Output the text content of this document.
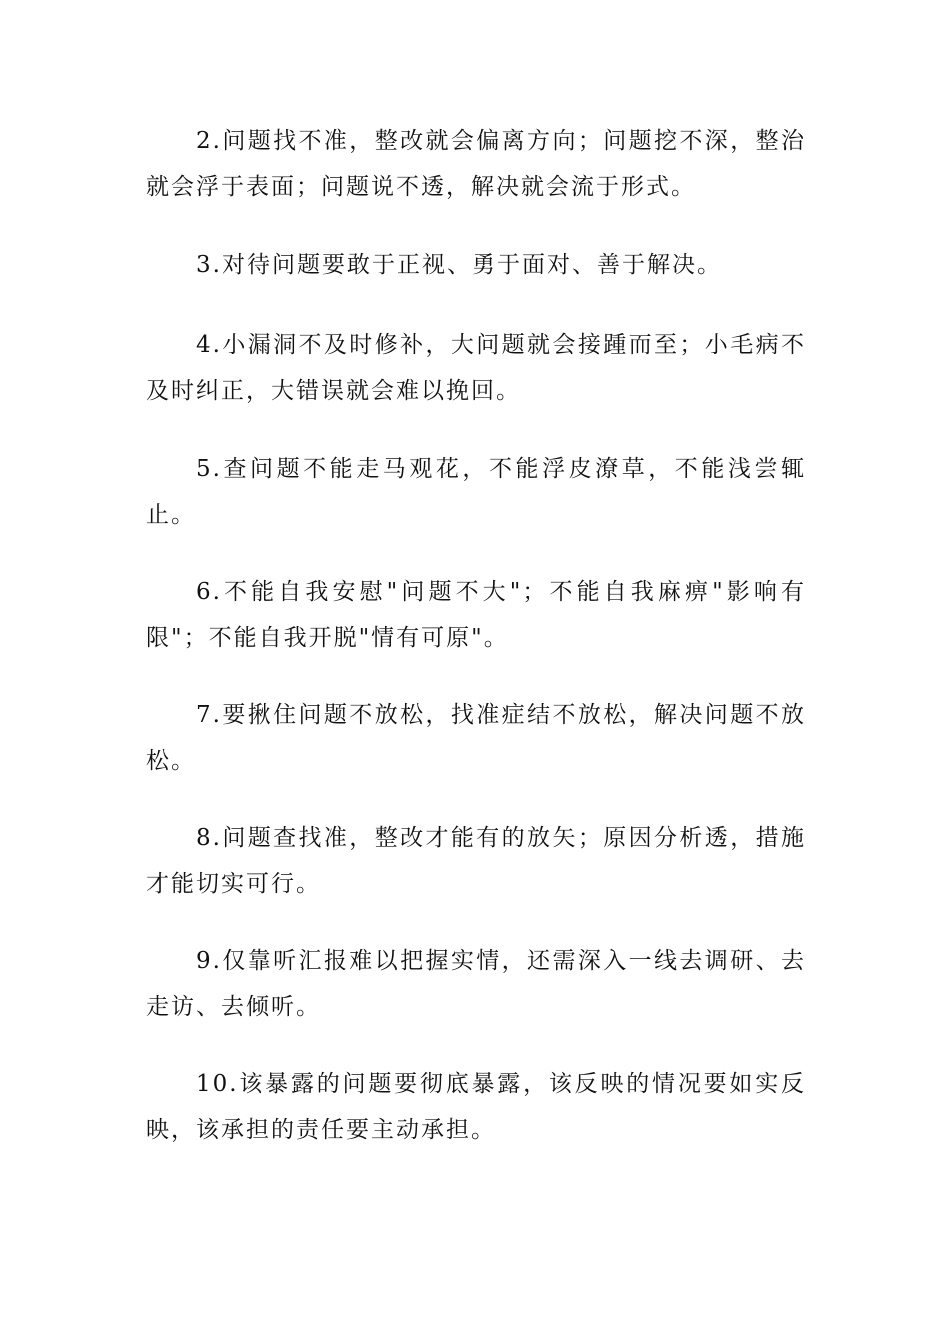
2.问题找不准，整改就会偏离方向；问题挖不深，整治就会浮于表面；问题说不透，解决就会流于形式。

3.对待问题要敢于正视、勇于面对、善于解决。

4.小漏洞不及时修补，大问题就会接踵而至；小毛病不及时纠正，大错误就会难以挽回。

5.查问题不能走马观花，不能浮皮潦草，不能浅尝辄止。

6.不能自我安慰"问题不大"；不能自我麻痹"影响有限"；不能自我开脱"情有可原"。

7.要揪住问题不放松，找准症结不放松，解决问题不放松。

8.问题查找准，整改才能有的放矢；原因分析透，措施才能切实可行。

9.仅靠听汇报难以把握实情，还需深入一线去调研、去走访、去倾听。

10.该暴露的问题要彻底暴露，该反映的情况要如实反映，该承担的责任要主动承担。
